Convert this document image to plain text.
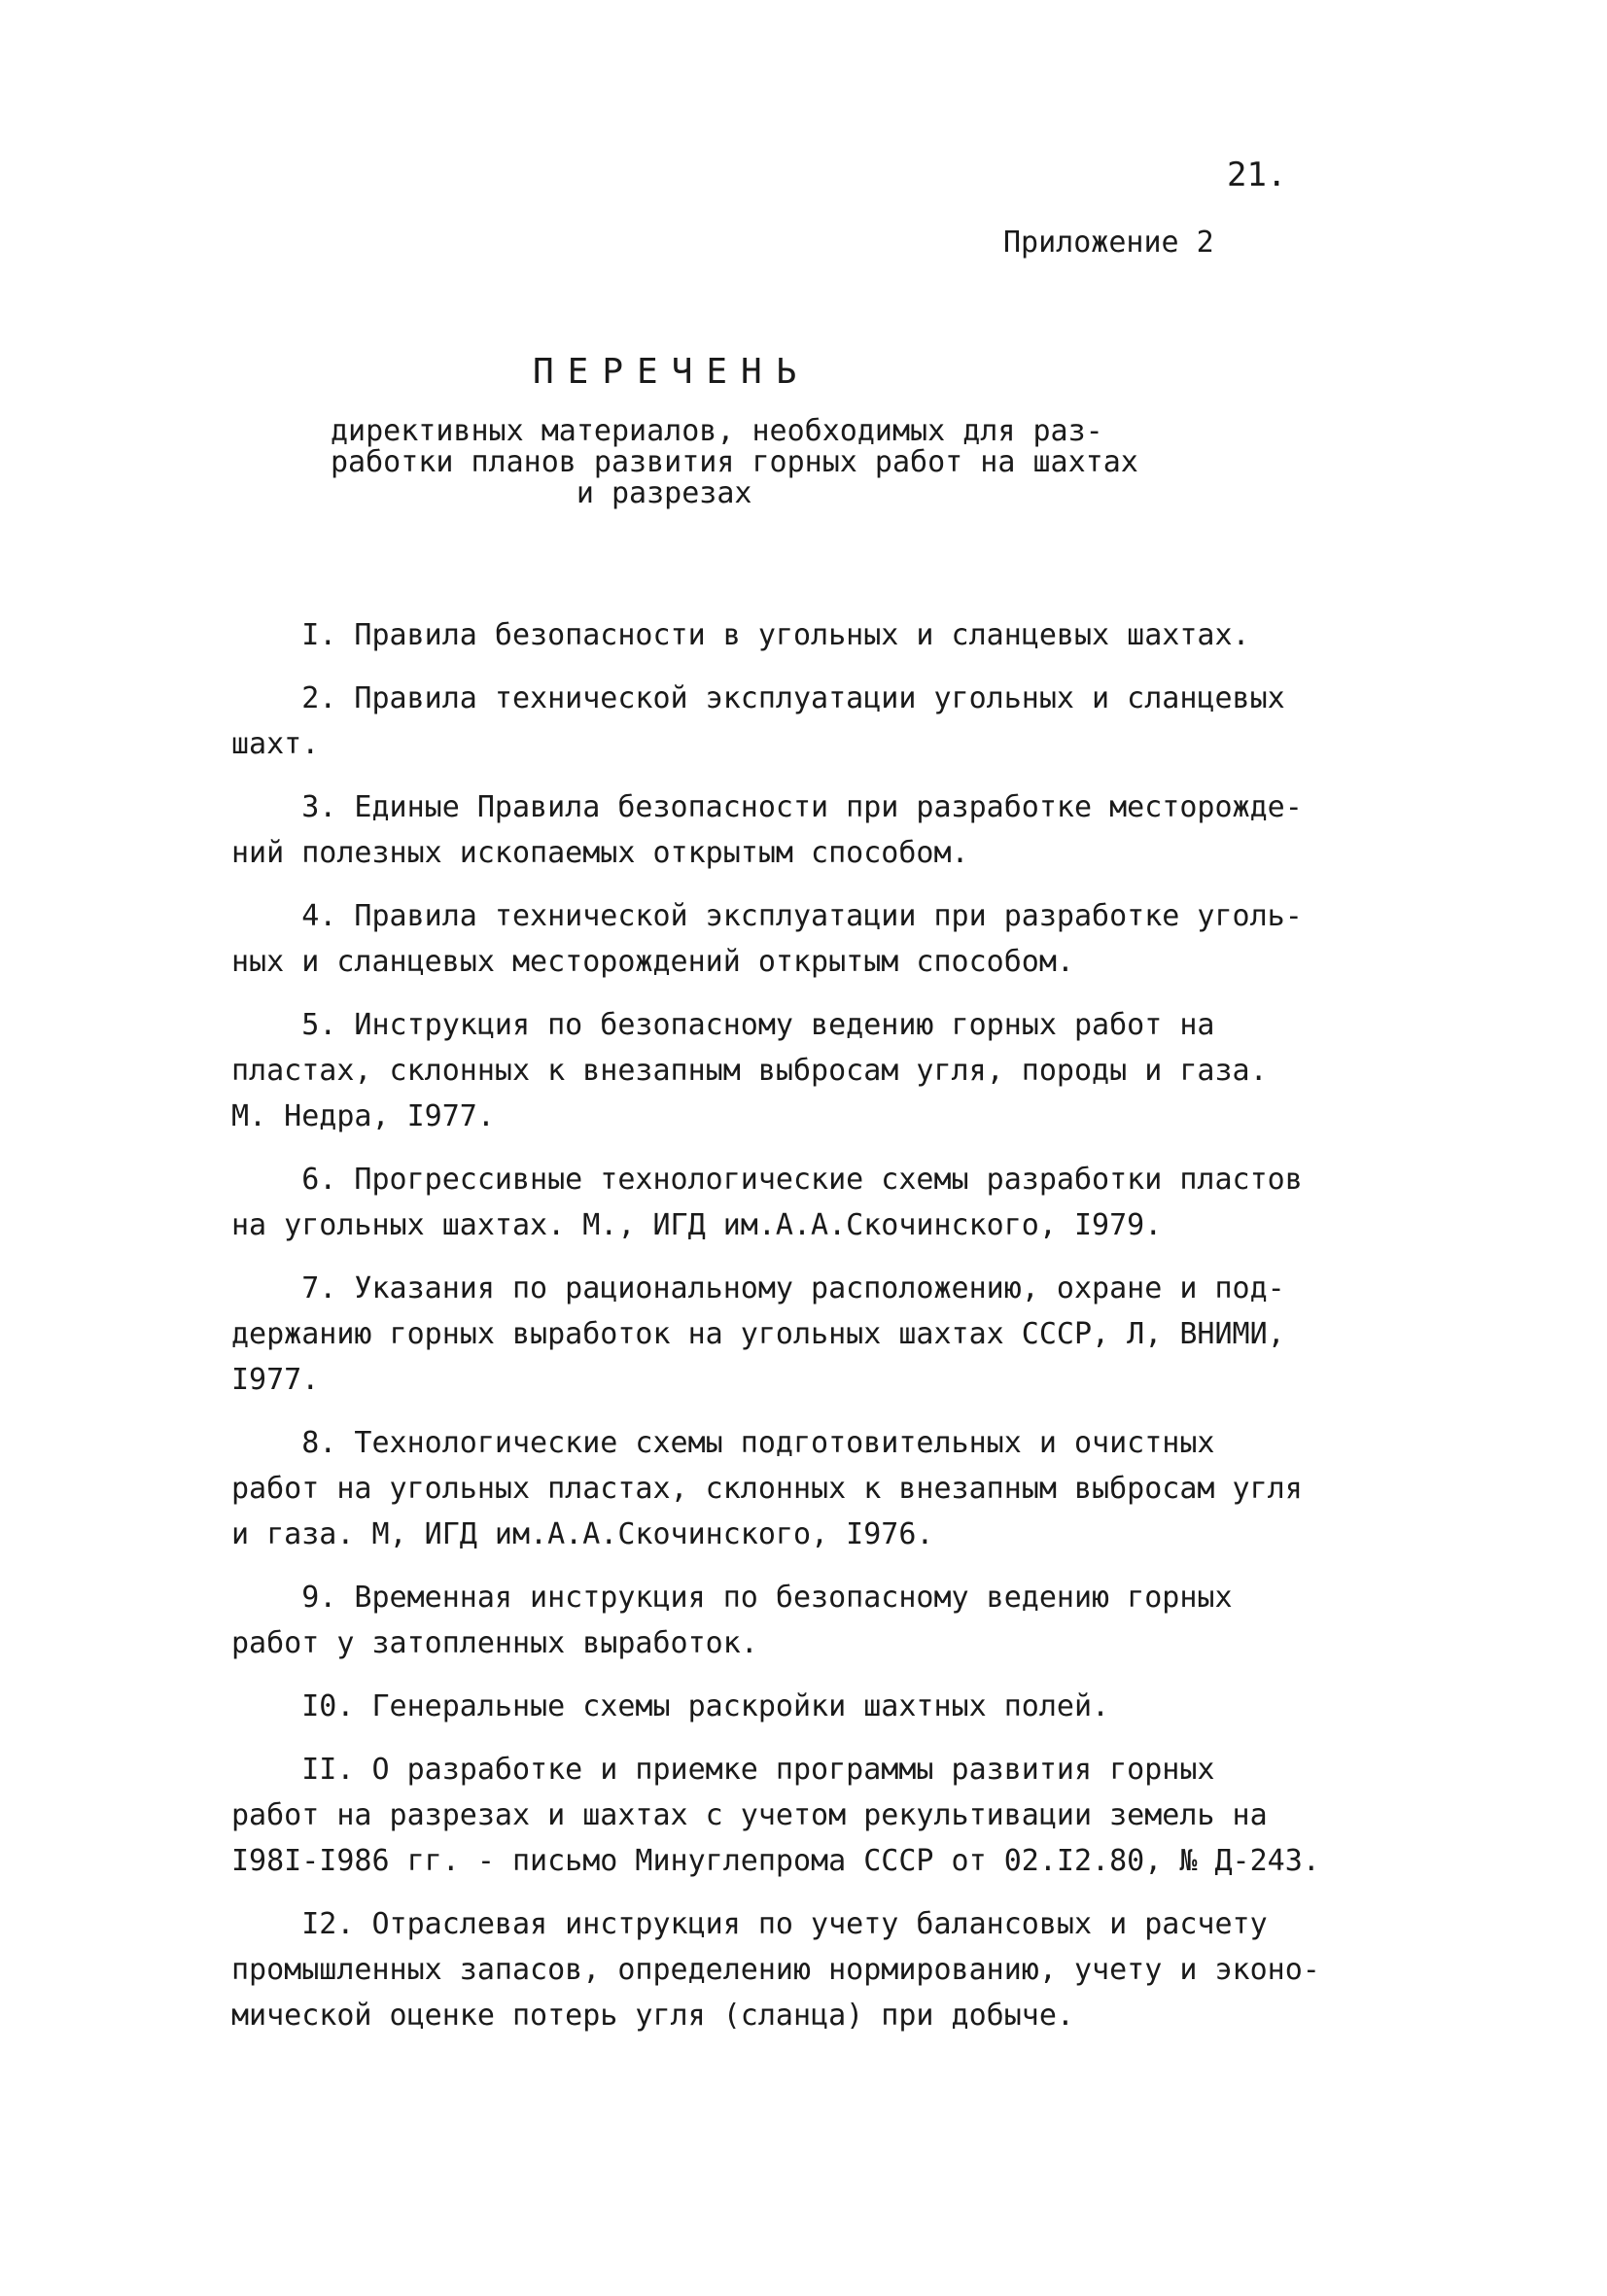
21.
Приложение 2
ПЕРЕЧЕНЬ
директивных материалов, необходимых для раз-
работки планов развития горных работ на шахтах
и разрезах
I. Правила безопасности в угольных и сланцевых шахтах.
2. Правила технической эксплуатации угольных и сланцевых
шахт.
3. Единые Правила безопасности при разработке месторожде-
ний полезных ископаемых открытым способом.
4. Правила технической эксплуатации при разработке уголь-
ных и сланцевых месторождений открытым способом.
5. Инструкция по безопасному ведению горных работ на
пластах, склонных к внезапным выбросам угля, породы и газа.
М. Недра, I977.
6. Прогрессивные технологические схемы разработки пластов
на угольных шахтах. М., ИГД им.А.А.Скочинского, I979.
7. Указания по рациональному расположению, охране и под-
держанию горных выработок на угольных шахтах СССР, Л, ВНИМИ,
I977.
8. Технологические схемы подготовительных и очистных
работ на угольных пластах, склонных к внезапным выбросам угля
и газа. М, ИГД им.А.А.Скочинского, I976.
9. Временная инструкция по безопасному ведению горных
работ у затопленных выработок.
I0. Генеральные схемы раскройки шахтных полей.
II. О разработке и приемке программы развития горных
работ на разрезах и шахтах с учетом рекультивации земель на
I98I-I986 гг. - письмо Минуглепрома СССР от 02.I2.80, № Д-243.
I2. Отраслевая инструкция по учету балансовых и расчету
промышленных запасов, определению нормированию, учету и эконо-
мической оценке потерь угля (сланца) при добыче.
